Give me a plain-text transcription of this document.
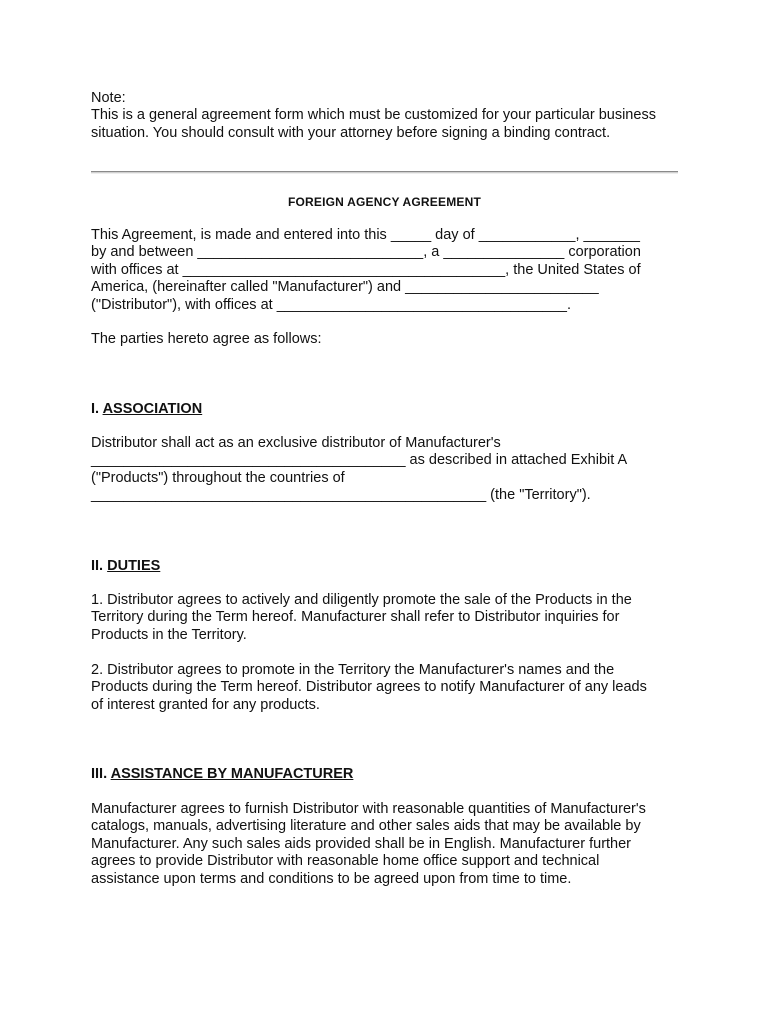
Note:
This is a general agreement form which must be customized for your particular business
situation. You should consult with your attorney before signing a binding contract.
FOREIGN AGENCY AGREEMENT
This Agreement, is made and entered into this _____ day of ____________, _______
by and between ____________________________, a _______________ corporation
with offices at ________________________________________, the United States of
America, (hereinafter called "Manufacturer") and ________________________
("Distributor"), with offices at ____________________________________.
The parties hereto agree as follows:
I. ASSOCIATION
Distributor shall act as an exclusive distributor of Manufacturer's
_______________________________________ as described in attached Exhibit A
("Products") throughout the countries of
_________________________________________________ (the "Territory").
II. DUTIES
1. Distributor agrees to actively and diligently promote the sale of the Products in the
Territory during the Term hereof. Manufacturer shall refer to Distributor inquiries for
Products in the Territory.
2. Distributor agrees to promote in the Territory the Manufacturer's names and the
Products during the Term hereof. Distributor agrees to notify Manufacturer of any leads
of interest granted for any products.
III. ASSISTANCE BY MANUFACTURER
Manufacturer agrees to furnish Distributor with reasonable quantities of Manufacturer's
catalogs, manuals, advertising literature and other sales aids that may be available by
Manufacturer. Any such sales aids provided shall be in English. Manufacturer further
agrees to provide Distributor with reasonable home office support and technical
assistance upon terms and conditions to be agreed upon from time to time.
